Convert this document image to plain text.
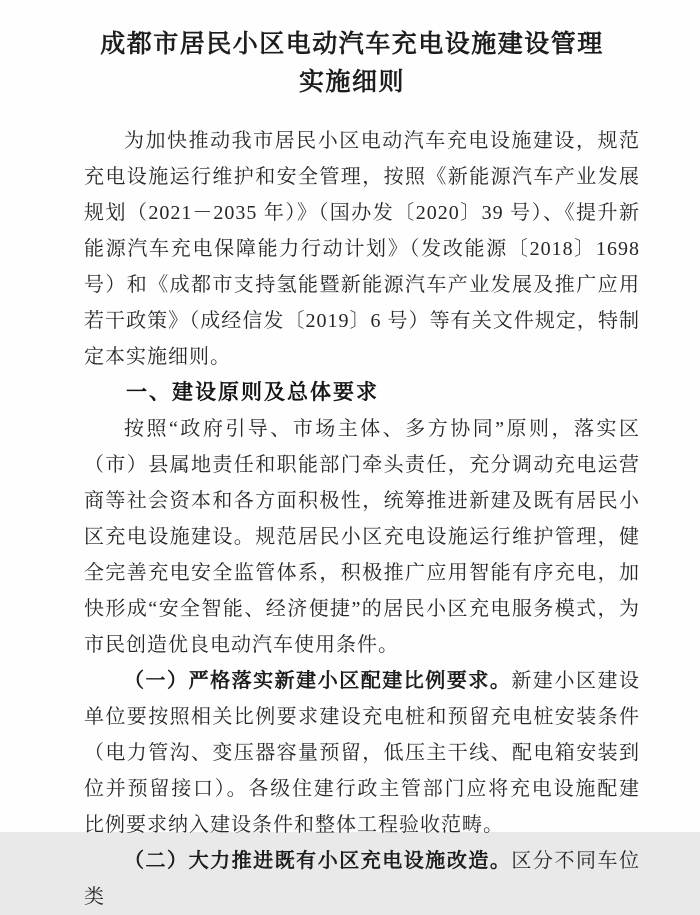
成都市居民小区电动汽车充电设施建设管理
实施细则

为加快推动我市居民小区电动汽车充电设施建设，规范充电设施运行维护和安全管理，按照《新能源汽车产业发展规划（2021－2035 年）》（国办发〔2020〕39 号）、《提升新能源汽车充电保障能力行动计划》（发改能源〔2018〕1698 号）和《成都市支持氢能暨新能源汽车产业发展及推广应用若干政策》（成经信发〔2019〕6 号）等有关文件规定，特制定本实施细则。

一、建设原则及总体要求

按照“政府引导、市场主体、多方协同”原则，落实区（市）县属地责任和职能部门牵头责任，充分调动充电运营商等社会资本和各方面积极性，统筹推进新建及既有居民小区充电设施建设。规范居民小区充电设施运行维护管理，健全完善充电安全监管体系，积极推广应用智能有序充电，加快形成“安全智能、经济便捷”的居民小区充电服务模式，为市民创造优良电动汽车使用条件。

（一）严格落实新建小区配建比例要求。新建小区建设单位要按照相关比例要求建设充电桩和预留充电桩安装条件（电力管沟、变压器容量预留，低压主干线、配电箱安装到位并预留接口）。各级住建行政主管部门应将充电设施配建比例要求纳入建设条件和整体工程验收范畴。

（二）大力推进既有小区充电设施改造。区分不同车位类
